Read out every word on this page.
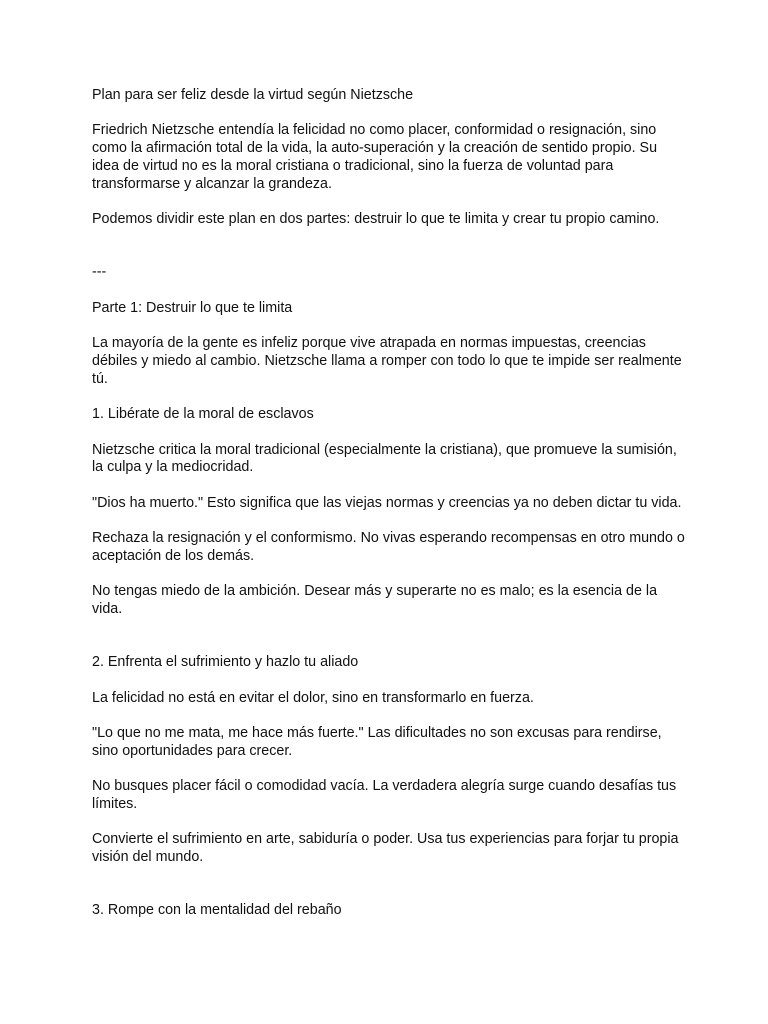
Plan para ser feliz desde la virtud según Nietzsche

Friedrich Nietzsche entendía la felicidad no como placer, conformidad o resignación, sino como la afirmación total de la vida, la auto-superación y la creación de sentido propio. Su idea de virtud no es la moral cristiana o tradicional, sino la fuerza de voluntad para transformarse y alcanzar la grandeza.

Podemos dividir este plan en dos partes: destruir lo que te limita y crear tu propio camino.

---

Parte 1: Destruir lo que te limita

La mayoría de la gente es infeliz porque vive atrapada en normas impuestas, creencias débiles y miedo al cambio. Nietzsche llama a romper con todo lo que te impide ser realmente tú.

1. Libérate de la moral de esclavos

Nietzsche critica la moral tradicional (especialmente la cristiana), que promueve la sumisión, la culpa y la mediocridad.

"Dios ha muerto." Esto significa que las viejas normas y creencias ya no deben dictar tu vida.

Rechaza la resignación y el conformismo. No vivas esperando recompensas en otro mundo o aceptación de los demás.

No tengas miedo de la ambición. Desear más y superarte no es malo; es la esencia de la vida.

2. Enfrenta el sufrimiento y hazlo tu aliado

La felicidad no está en evitar el dolor, sino en transformarlo en fuerza.

"Lo que no me mata, me hace más fuerte." Las dificultades no son excusas para rendirse, sino oportunidades para crecer.

No busques placer fácil o comodidad vacía. La verdadera alegría surge cuando desafías tus límites.

Convierte el sufrimiento en arte, sabiduría o poder. Usa tus experiencias para forjar tu propia visión del mundo.

3. Rompe con la mentalidad del rebaño
